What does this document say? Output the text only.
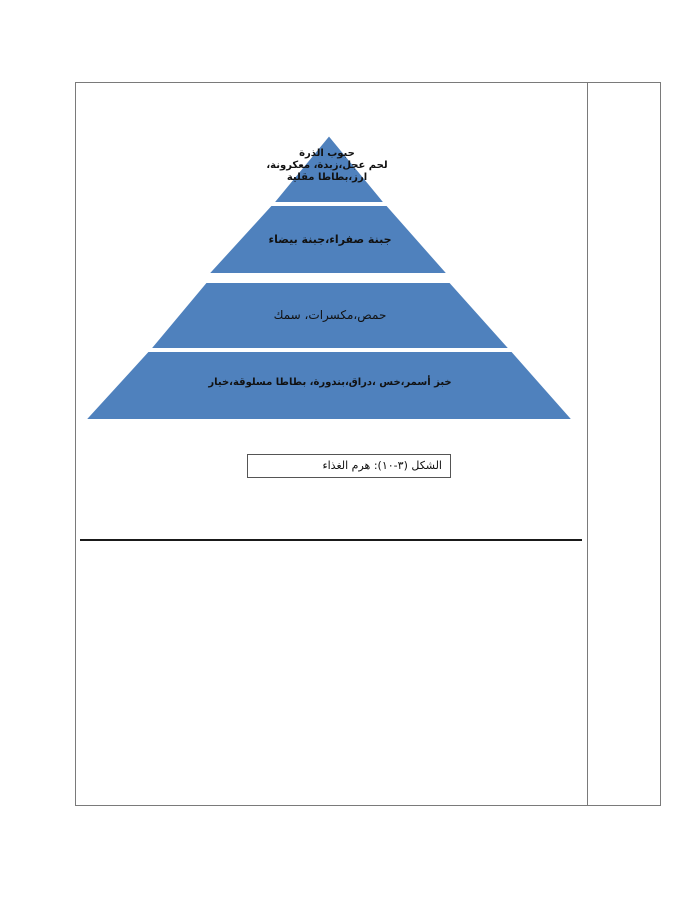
حبوب الذرة
لحم عجل،زبدة، معكرونة،
ارز،بطاطا مقلية
جبنة صفراء،جبنة بيضاء
حمص،مكسرات، سمك
خبز أسمر،خس ،دراق،بندورة، بطاطا مسلوقة،خيار
الشكل (٣-١٠): هرم الغذاء
